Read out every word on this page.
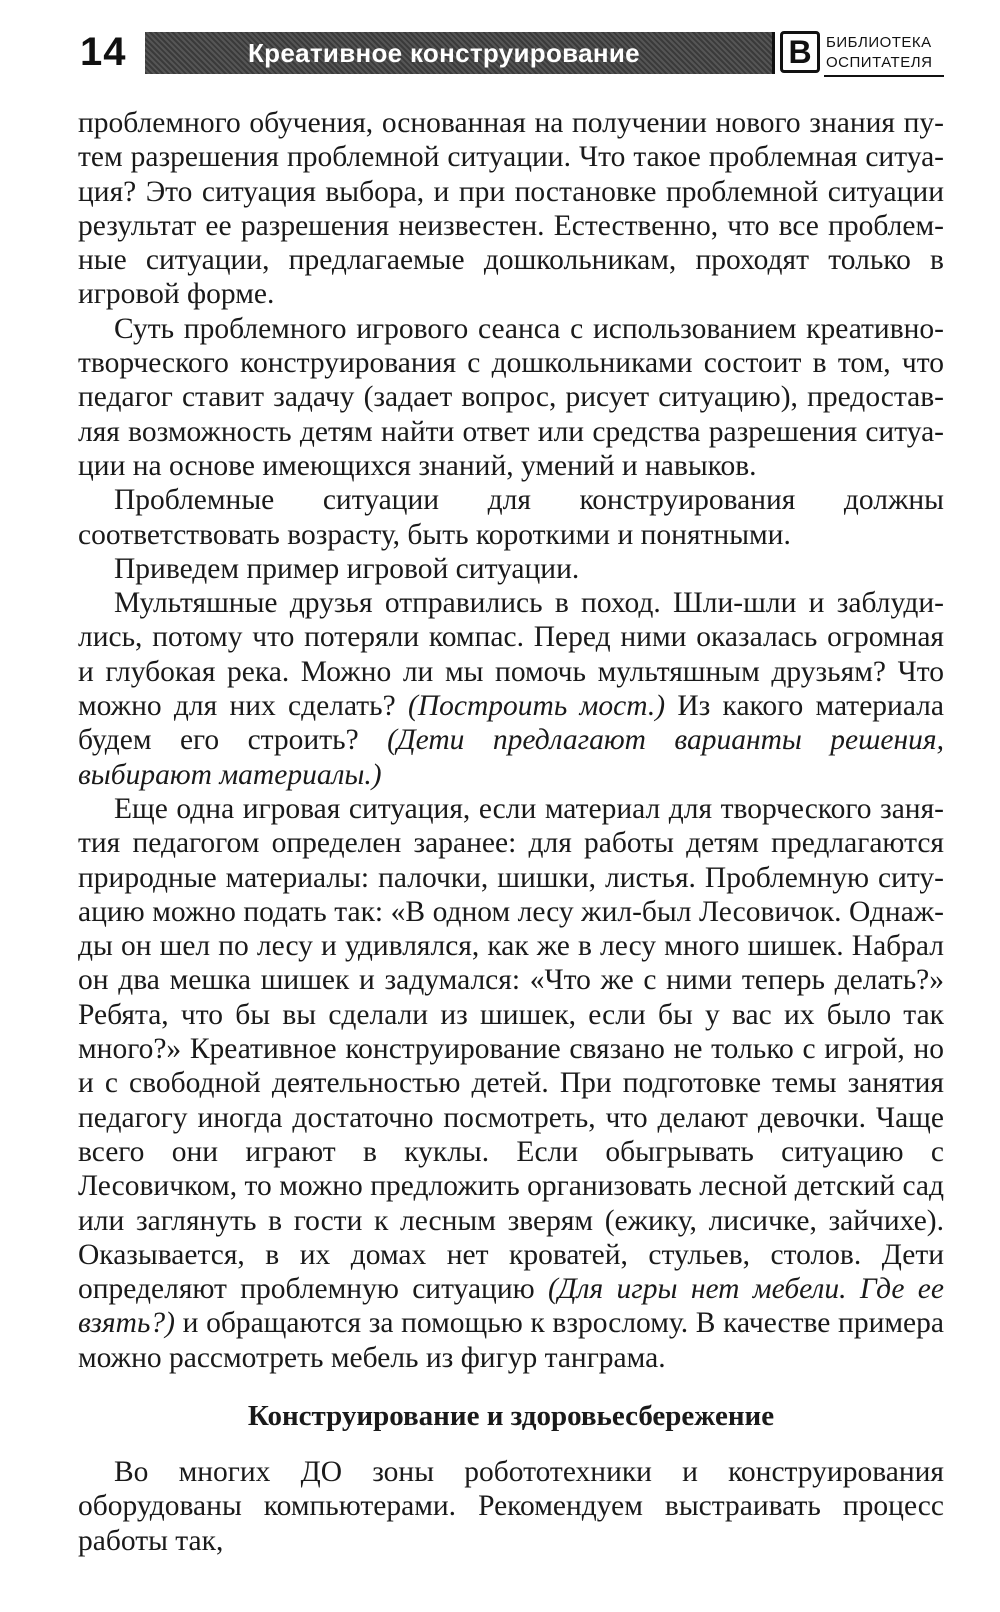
14	Креативное конструирование	В БИБЛИОТЕКА
ОСПИТАТЕЛЯ

проблемного обучения, основанная на получении нового знания путем разрешения проблемной ситуации. Что такое проблемная ситуация? Это ситуация выбора, и при постановке проблемной ситуации результат ее разрешения неизвестен. Естественно, что все проблемные ситуации, предлагаемые дошкольникам, проходят только в игровой форме.

Суть проблемного игрового сеанса с использованием креативно-творческого конструирования с дошкольниками состоит в том, что педагог ставит задачу (задает вопрос, рисует ситуацию), предоставляя возможность детям найти ответ или средства разрешения ситуации на основе имеющихся знаний, умений и навыков.

Проблемные ситуации для конструирования должны соответствовать возрасту, быть короткими и понятными.

Приведем пример игровой ситуации.

Мультяшные друзья отправились в поход. Шли-шли и заблудились, потому что потеряли компас. Перед ними оказалась огромная и глубокая река. Можно ли мы помочь мультяшным друзьям? Что можно для них сделать? (Построить мост.) Из какого материала будем его строить? (Дети предлагают варианты решения, выбирают материалы.)

Еще одна игровая ситуация, если материал для творческого занятия педагогом определен заранее: для работы детям предлагаются природные материалы: палочки, шишки, листья. Проблемную ситуацию можно подать так: «В одном лесу жил-был Лесовичок. Однажды он шел по лесу и удивлялся, как же в лесу много шишек. Набрал он два мешка шишек и задумался: «Что же с ними теперь делать?» Ребята, что бы вы сделали из шишек, если бы у вас их было так много?» Креативное конструирование связано не только с игрой, но и с свободной деятельностью детей. При подготовке темы занятия педагогу иногда достаточно посмотреть, что делают девочки. Чаще всего они играют в куклы. Если обыгрывать ситуацию с Лесовичком, то можно предложить организовать лесной детский сад или заглянуть в гости к лесным зверям (ежику, лисичке, зайчихе). Оказывается, в их домах нет кроватей, стульев, столов. Дети определяют проблемную ситуацию (Для игры нет мебели. Где ее взять?) и обращаются за помощью к взрослому. В качестве примера можно рассмотреть мебель из фигур танграма.

Конструирование и здоровьесбережение

Во многих ДО зоны робототехники и конструирования оборудованы компьютерами. Рекомендуем выстраивать процесс работы так,
